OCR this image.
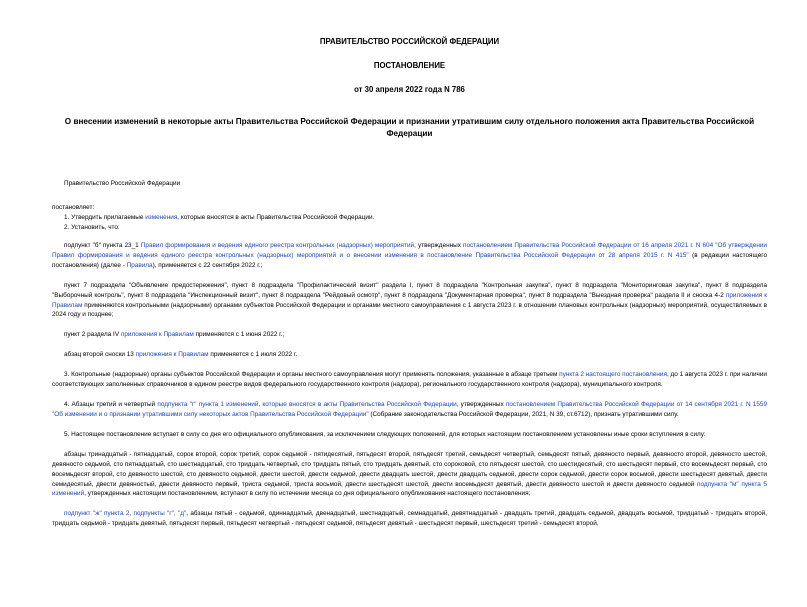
ПРАВИТЕЛЬСТВО РОССИЙСКОЙ ФЕДЕРАЦИИ
ПОСТАНОВЛЕНИЕ
от 30 апреля 2022 года N 786
О внесении изменений в некоторые акты Правительства Российской Федерации и признании утратившим силу отдельного положения акта Правительства Российской Федерации

Правительство Российской Федерации

постановляет:

1. Утвердить прилагаемые изменения, которые вносятся в акты Правительства Российской Федерации.

2. Установить, что:

подпункт "б" пункта 23_1 Правил формирования и ведения единого реестра контрольных (надзорных) мероприятий, утвержденных постановлением Правительства Российской Федерации от 16 апреля 2021 г. N 604 "Об утверждении Правил формирования и ведения единого реестра контрольных (надзорных) мероприятий и о внесении изменения в постановление Правительства Российской Федерации от 28 апреля 2015 г. N 415" (в редакции настоящего постановления) (далее - Правила), применяется с 22 сентября 2022 г.;

пункт 7 подраздела "Объявление предостережения", пункт 8 подраздела "Профилактический визит" раздела I, пункт 8 подраздела "Контрольная закупка", пункт 8 подраздела "Мониторинговая закупка", пункт 8 подраздела "Выборочный контроль", пункт 8 подраздела "Инспекционный визит", пункт 8 подраздела "Рейдовый осмотр", пункт 8 подраздела "Документарная проверка", пункт 8 подраздела "Выездная проверка" раздела II и сноска 4-2 приложения к Правилам применяются контрольными (надзорными) органами субъектов Российской Федерации и органами местного самоуправления с 1 августа 2023 г. в отношении плановых контрольных (надзорных) мероприятий, осуществляемых в 2024 году и позднее;

пункт 2 раздела IV приложения к Правилам применяется с 1 июня 2022 г.;

абзац второй сноски 13 приложения к Правилам применяется с 1 июля 2022 г.

3. Контрольные (надзорные) органы субъектов Российской Федерации и органы местного самоуправления могут применять положения, указанные в абзаце третьем пункта 2 настоящего постановления, до 1 августа 2023 г. при наличии соответствующих заполненных справочников в едином реестре видов федерального государственного контроля (надзора), регионального государственного контроля (надзора), муниципального контроля.

4. Абзацы третий и четвертый подпункта "г" пункта 1 изменений, которые вносятся в акты Правительства Российской Федерации, утвержденных постановлением Правительства Российской Федерации от 14 сентября 2021 г. N 1559 "Об изменении и о признании утратившими силу некоторых актов Правительства Российской Федерации" (Собрание законодательства Российской Федерации, 2021, N 39, ст.6712), признать утратившими силу.

5. Настоящее постановление вступает в силу со дня его официального опубликования, за исключением следующих положений, для которых настоящим постановлением установлены иные сроки вступления в силу:

абзацы тринадцатый - пятнадцатый, сорок второй, сорок третий, сорок седьмой - пятидесятый, пятьдесят второй, пятьдесят третий, семьдесят четвертый, семьдесят пятый, девяносто первый, девяносто второй, девяносто шестой, девяносто седьмой, сто пятнадцатый, сто шестнадцатый, сто тридцать четвертый, сто тридцать пятый, сто тридцать девятый, сто сороковой, сто пятьдесят шестой, сто шестидесятый, сто шестьдесят первый, сто восемьдесят первый, сто восемьдесят второй, сто девяносто шестой, сто девяносто седьмой, двести шестой, двести седьмой, двести двадцать шестой, двести двадцать седьмой, двести сорок седьмой, двести сорок восьмой, двести шестьдесят девятый, двести семидесятый, двести девяностый, двести девяносто первый, триста седьмой, триста восьмой, двести шестьдесят шестой, двести восемьдесят девятый, двести девяносто шестой и двести девяносто седьмой подпункта "м" пункта 5 изменений, утвержденных настоящим постановлением, вступают в силу по истечении месяца со дня официального опубликования настоящего постановления;

подпункт "ж" пункта 2, подпункты "г", "д", абзацы пятый - седьмой, одиннадцатый, двенадцатый, шестнадцатый, семнадцатый, девятнадцатый - двадцать третий, двадцать седьмой, двадцать восьмой, тридцатый - тридцать второй, тридцать седьмой - тридцать девятый, пятьдесят первый, пятьдесят четвертый - пятьдесят седьмой, пятьдесят девятый - шестьдесят первый, шестьдесят третий - семьдесят второй,
